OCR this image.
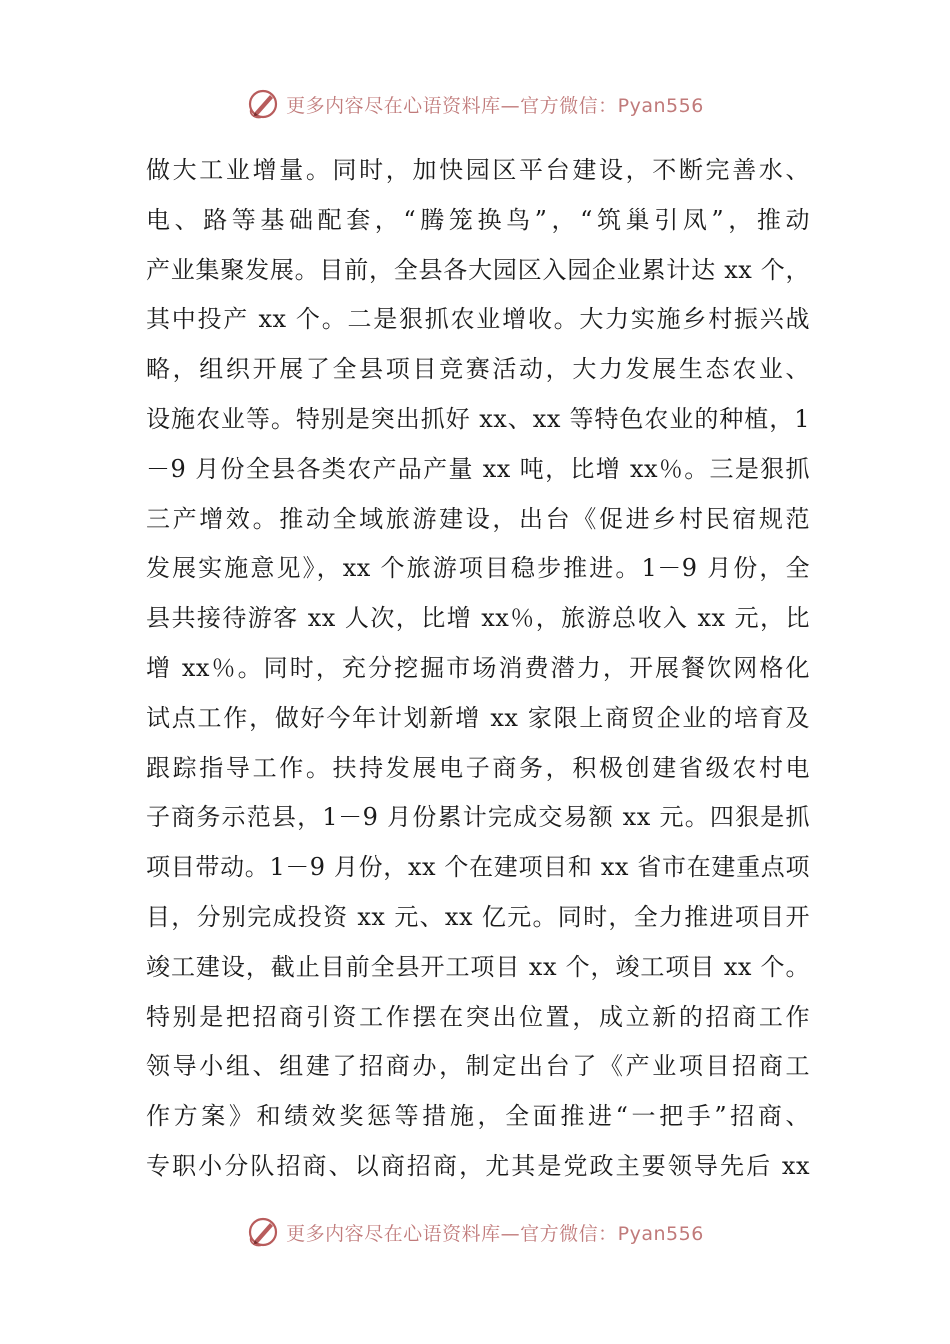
更多内容尽在心语资料库—官方微信：Pyan556
做大工业增量。同时，加快园区平台建设，不断完善水、
电、路等基础配套，“腾笼换鸟”，“筑巢引凤”，推动
产业集聚发展。目前，全县各大园区入园企业累计达 xx 个，
其中投产 xx 个。二是狠抓农业增收。大力实施乡村振兴战
略，组织开展了全县项目竞赛活动，大力发展生态农业、
设施农业等。特别是突出抓好 xx、xx 等特色农业的种植，1
－9 月份全县各类农产品产量 xx 吨，比增 xx％。三是狠抓
三产增效。推动全域旅游建设，出台《促进乡村民宿规范
发展实施意见》，xx 个旅游项目稳步推进。1－9 月份，全
县共接待游客 xx 人次，比增 xx％，旅游总收入 xx 元，比
增 xx％。同时，充分挖掘市场消费潜力，开展餐饮网格化
试点工作，做好今年计划新增 xx 家限上商贸企业的培育及
跟踪指导工作。扶持发展电子商务，积极创建省级农村电
子商务示范县，1－9 月份累计完成交易额 xx 元。四狠是抓
项目带动。1－9 月份，xx 个在建项目和 xx 省市在建重点项
目，分别完成投资 xx 元、xx 亿元。同时，全力推进项目开
竣工建设，截止目前全县开工项目 xx 个，竣工项目 xx 个。
特别是把招商引资工作摆在突出位置，成立新的招商工作
领导小组、组建了招商办，制定出台了《产业项目招商工
作方案》和绩效奖惩等措施，全面推进“一把手”招商、
专职小分队招商、以商招商，尤其是党政主要领导先后 xx
更多内容尽在心语资料库—官方微信：Pyan556
